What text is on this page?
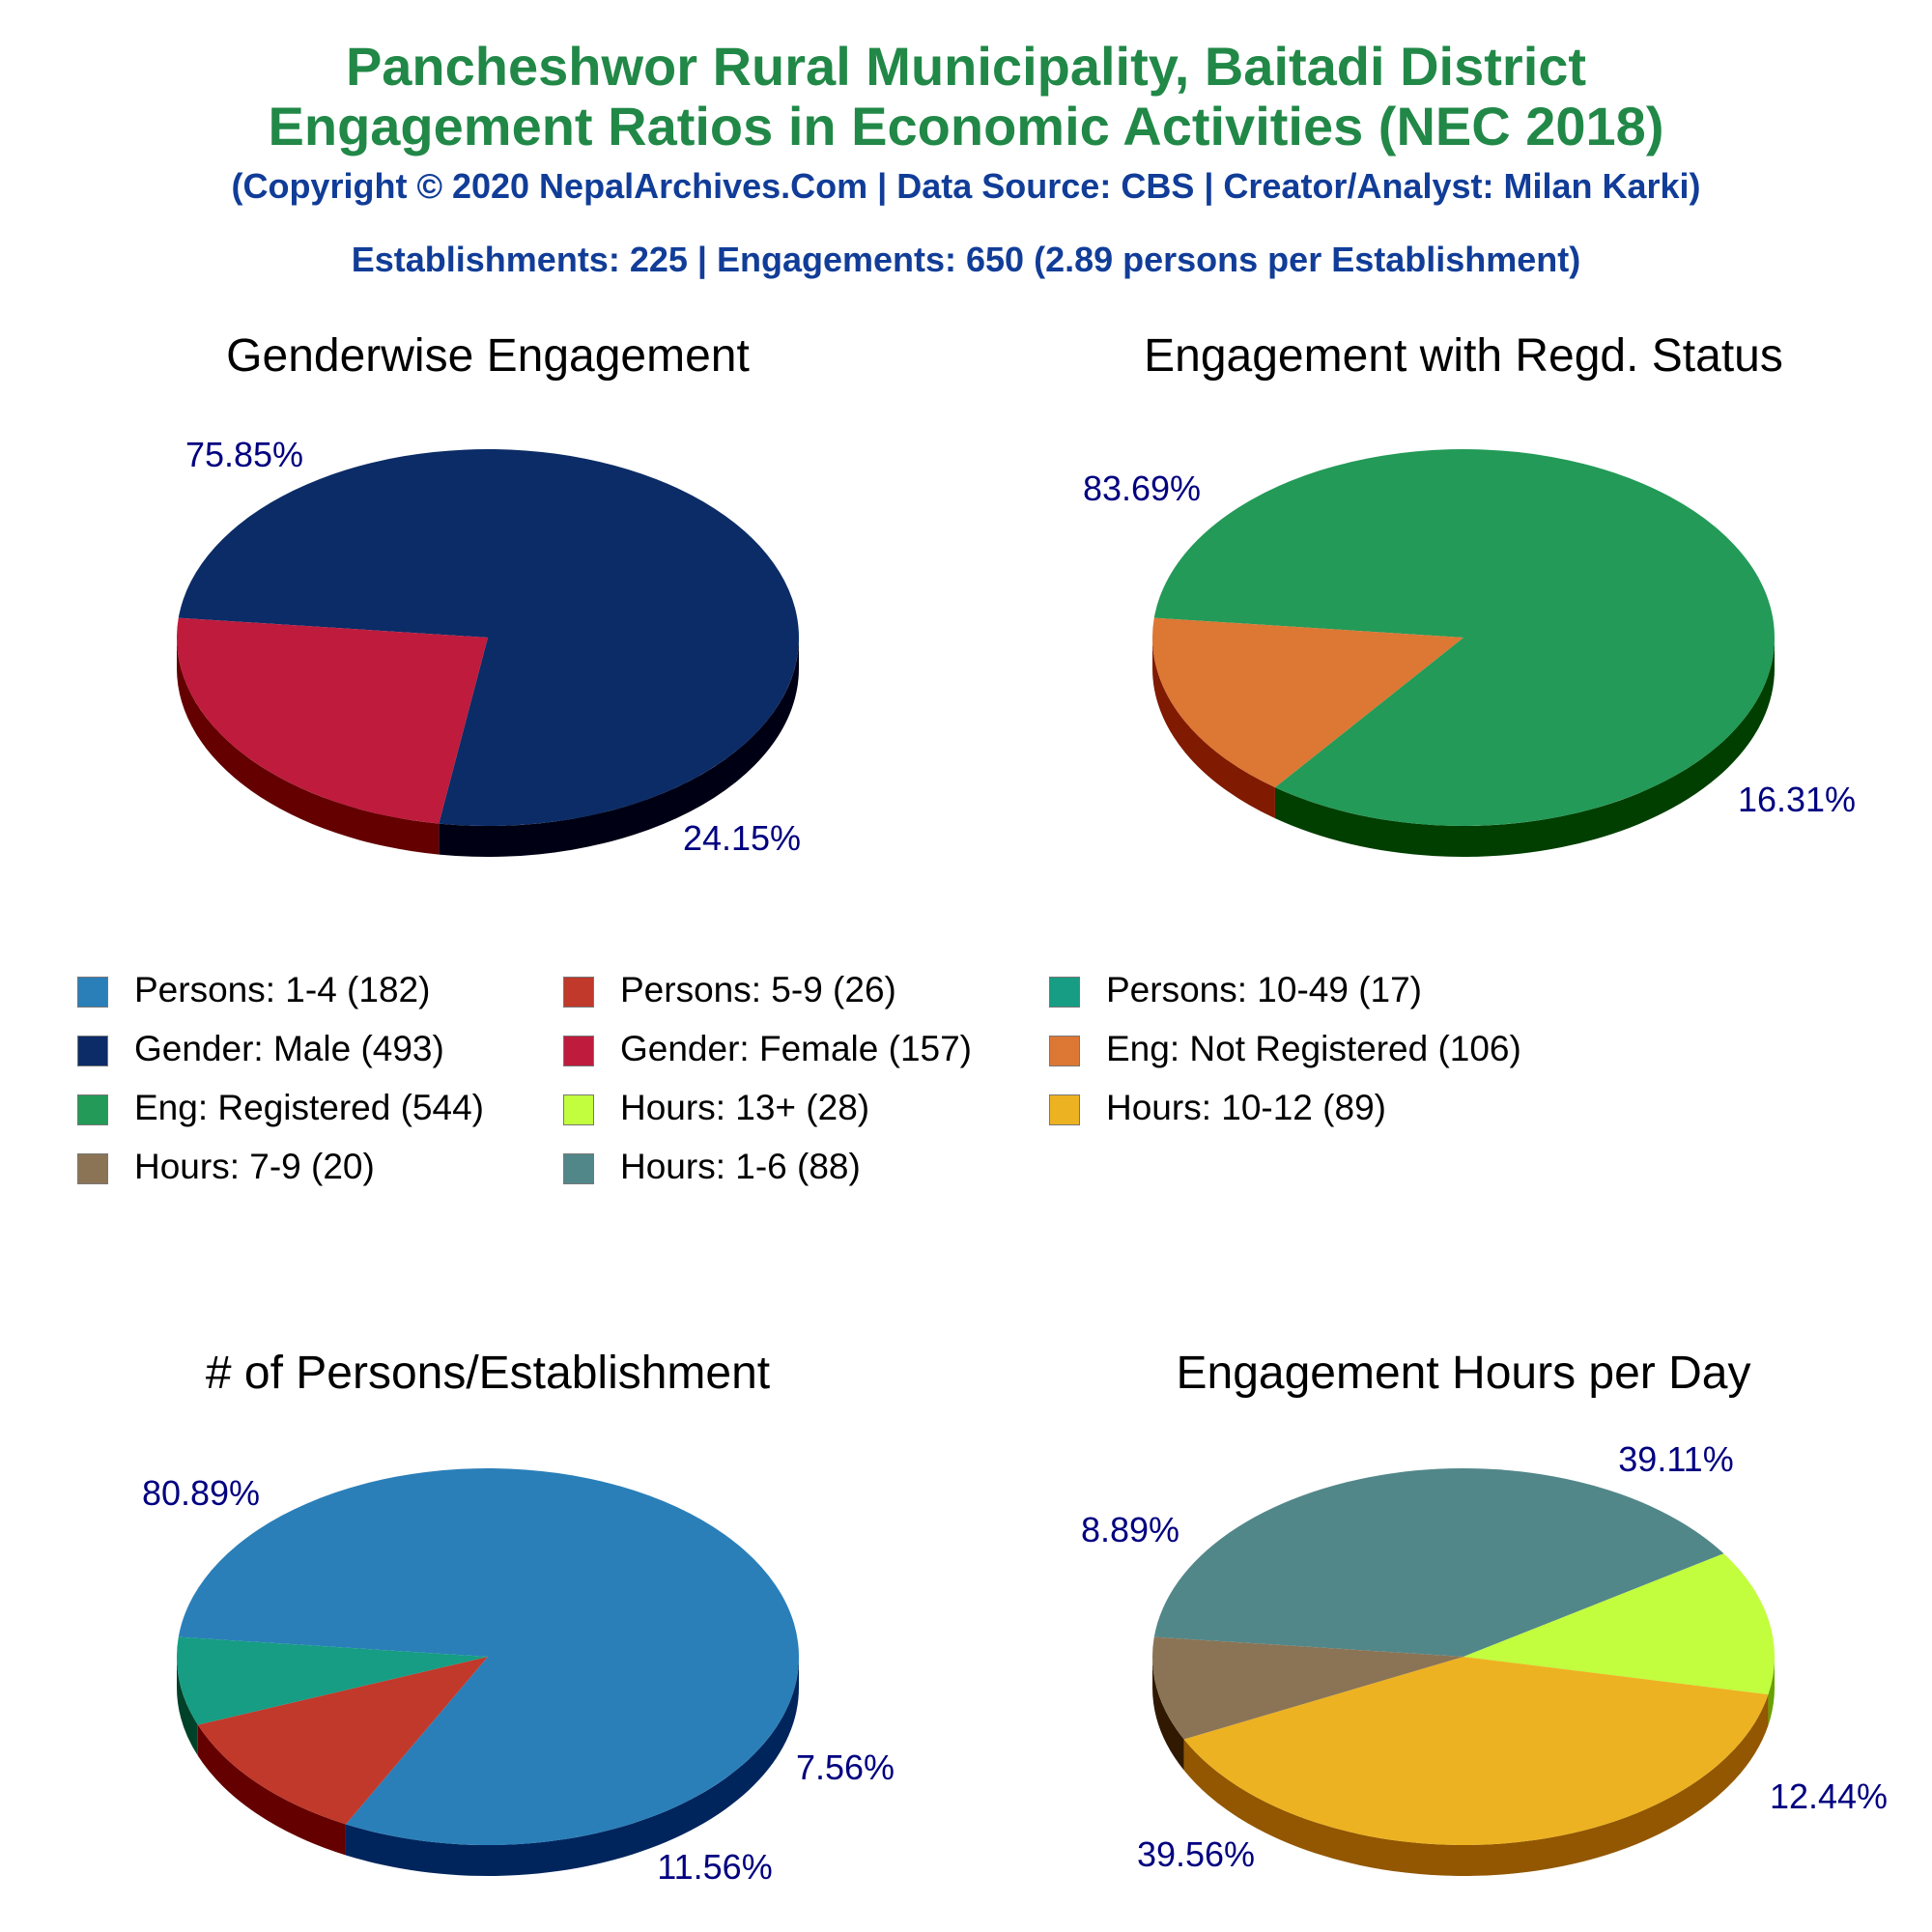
Pancheshwor Rural Municipality, Baitadi District
Engagement Ratios in Economic Activities (NEC 2018)
(Copyright © 2020 NepalArchives.Com | Data Source: CBS | Creator/Analyst: Milan Karki)
Establishments: 225 | Engagements: 650 (2.89 persons per Establishment)
Genderwise Engagement
75.85%
24.15%
Engagement with Regd. Status
83.69%
16.31%
# of Persons/Establishment
80.89%
11.56%
7.56%
Engagement Hours per Day
39.11%
12.44%
39.56%
8.89%
Persons: 1-4 (182)	Persons: 5-9 (26)	Persons: 10-49 (17)
Gender: Male (493)	Gender: Female (157)	Eng: Not Registered (106)
Eng: Registered (544)	Hours: 13+ (28)	Hours: 10-12 (89)
Hours: 7-9 (20)	Hours: 1-6 (88)
